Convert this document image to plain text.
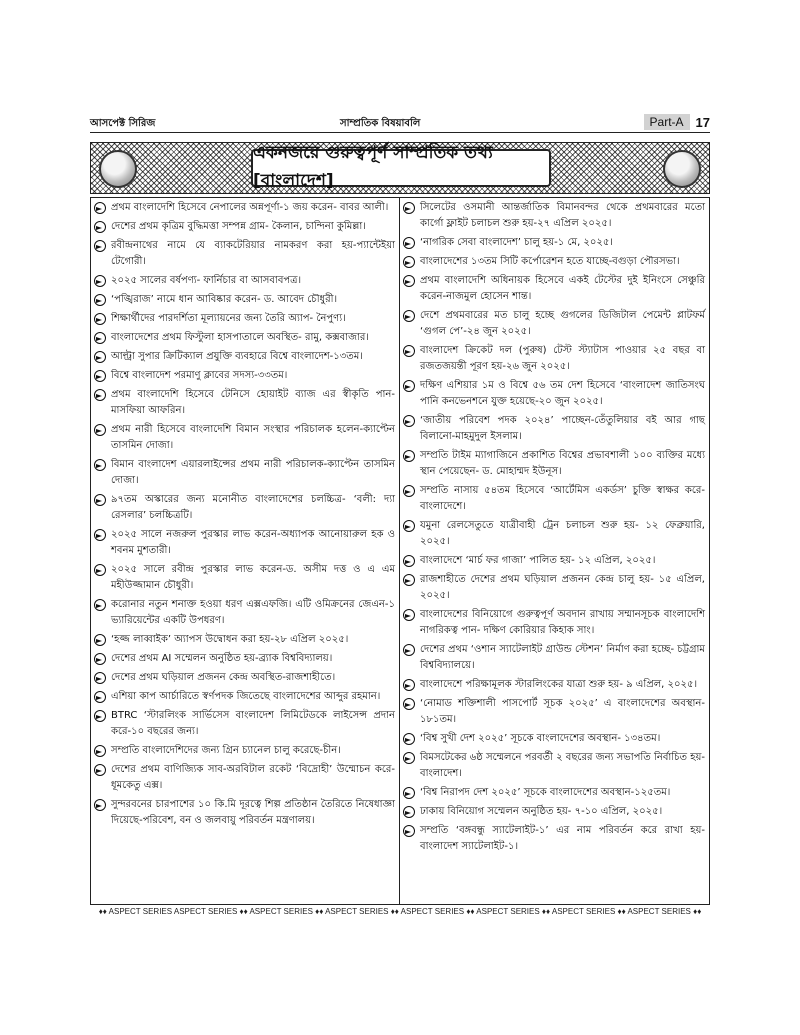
আসপেক্ট সিরিজ	সাম্প্রতিক বিষয়াবলি	Part-A 17
একনজরে গুরুত্বপূর্ণ সাম্প্রতিক তথ্য [বাংলাদেশ]
প্রথম বাংলাদেশি হিসেবে নেপালের অন্নপূর্ণা-১ জয় করেন- বাবর আলী।
দেশের প্রথম কৃত্রিম বুদ্ধিমত্তা সম্পন্ন গ্রাম- কৈলান, চান্দিনা কুমিল্লা।
রবীন্দ্রনাথের নামে যে ব্যাকটেরিয়ার নামকরণ করা হয়-প্যান্টেইয়া টেগোরী।
২০২৫ সালের বর্ষপণ্য- ফার্নিচার বা আসবাবপত্র।
‘পঙ্খিরাজ’ নামে ধান আবিষ্কার করেন- ড. আবেদ চৌধুরী।
শিক্ষার্থীদের পারদর্শিতা মূল্যায়নের জন্য তৈরি অ্যাপ- নৈপুণ্য।
বাংলাদেশের প্রথম ফিস্টুলা হাসপাতালে অবস্থিত- রামু, কক্সবাজার।
আল্ট্রা সুপার ক্রিটিক্যাল প্রযুক্তি ব্যবহারে বিশ্বে বাংলাদেশ-১৩তম।
বিশ্বে বাংলাদেশ পরমাণু ক্লাবের সদস্য-৩৩তম।
প্রথম বাংলাদেশি হিসেবে টেনিসে হোয়াইট ব্যাজ এর স্বীকৃতি পান- মাসফিয়া আফরিন।
প্রথম নারী হিসেবে বাংলাদেশি বিমান সংস্থার পরিচালক হলেন-ক্যাপ্টেন তাসমিন দোজা।
বিমান বাংলাদেশ এয়ারলাইন্সের প্রথম নারী পরিচালক-ক্যাপ্টেন তাসমিন দোজা।
৯৭তম অস্কারের জন্য মনোনীত বাংলাদেশের চলচ্চিত্র- ‘বলী: দ্যা রেসলার’ চলচ্চিত্রটি।
২০২৫ সালে নজরুল পুরস্কার লাভ করেন-অধ্যাপক আনোয়ারুল হক ও শবনম মুশতারী।
২০২৫ সালে রবীন্দ্র পুরস্কার লাভ করেন-ড. অসীম দত্ত ও এ এম মহীউজ্জামান চৌধুরী।
করোনার নতুন শনাক্ত হওয়া ধরণ এক্সএফজি। এটি ওমিক্রনের জেএন-১ ভ্যারিয়েন্টের একটি উপধরণ।
‘হজ্জ লাব্বাইক’ অ্যাপস উদ্বোধন করা হয়-২৮ এপ্রিল ২০২৫।
দেশের প্রথম AI সম্মেলন অনুষ্ঠিত হয়-ব্র্যাক বিশ্ববিদ্যালয়।
দেশের প্রথম ঘড়িয়াল প্রজনন কেন্দ্র অবস্থিত-রাজশাহীতে।
এশিয়া কাপ আর্চারিতে স্বর্ণপদক জিতেছে বাংলাদেশের আব্দুর রহমান।
BTRC ‘স্টারলিংক সার্ভিসেস বাংলাদেশ লিমিটেডকে লাইসেন্স প্রদান করে-১০ বছরের জন্য।
সম্প্রতি বাংলাদেশিদের জন্য গ্রিন চ্যানেল চালু করেছে-চীন।
দেশের প্রথম বাণিজ্যিক সাব-অরবিটাল রকেট ‘বিদ্রোহী’ উম্মোচন করে-ধূমকেতু এক্স।
সুন্দরবনের চারপাশের ১০ কি.মি দূরত্বে শিল্প প্রতিষ্ঠান তৈরিতে নিষেধাজ্ঞা দিয়েছে-পরিবেশ, বন ও জলবায়ু পরিবর্তন মন্ত্রণালয়।
সিলেটের ওসমানী আন্তর্জাতিক বিমানবন্দর থেকে প্রথমবারের মতো কার্গো ফ্লাইট চলাচল শুরু হয়-২৭ এপ্রিল ২০২৫।
‘নাগরিক সেবা বাংলাদেশ’ চালু হয়-১ মে, ২০২৫।
বাংলাদেশের ১৩তম সিটি কর্পোরেশন হতে যাচ্ছে-বগুড়া পৌরসভা।
প্রথম বাংলাদেশি অধিনায়ক হিসেবে একই টেস্টের দুই ইনিংসে সেঞ্চুরি করেন-নাজমুল হোসেন শান্ত।
দেশে প্রথমবারের মত চালু হচ্ছে গুগলের ডিজিটাল পেমেন্ট প্লাটফর্ম ‘গুগল পে’-২৪ জুন ২০২৫।
বাংলাদেশ ক্রিকেট দল (পুরুষ) টেস্ট স্ট্যাটাস পাওয়ার ২৫ বছর বা রজতজয়ন্তী পূরণ হয়-২৬ জুন ২০২৫।
দক্ষিণ এশিয়ার ১ম ও বিশ্বে ৫৬ তম দেশ হিসেবে ‘বাংলাদেশ জাতিসংঘ পানি কনভেনশনে যুক্ত হয়েছে-২০ জুন ২০২৫।
‘জাতীয় পরিবেশ পদক ২০২৪’ পাচ্ছেন-তেঁতুলিয়ার বই আর গাছ বিলানো-মাহমুদুল ইসলাম।
সম্প্রতি টাইম ম্যাগাজিনে প্রকাশিত বিশ্বের প্রভাবশালী ১০০ ব্যক্তির মধ্যে স্থান পেয়েছেন- ড. মোহাম্মদ ইউনূস।
সম্প্রতি নাসায় ৫৪তম হিসেবে ‘আর্টেমিস একর্ডস’ চুক্তি স্বাক্ষর করে- বাংলাদেশে।
যমুনা রেলসেতুতে যাত্রীবাহী ট্রেন চলাচল শুরু হয়- ১২ ফেব্রুয়ারি, ২০২৫।
বাংলাদেশে ‘মার্চ ফর গাজা’ পালিত হয়- ১২ এপ্রিল, ২০২৫।
রাজশাহীতে দেশের প্রথম ঘড়িয়াল প্রজনন কেন্দ্র চালু হয়- ১৫ এপ্রিল, ২০২৫।
বাংলাদেশের বিনিয়োগে গুরুত্বপূর্ণ অবদান রাখায় সম্মানসূচক বাংলাদেশি নাগরিকত্ব পান- দক্ষিণ কোরিয়ার কিহাক সাং।
দেশের প্রথম ‘ওশান স্যাটেলাইট গ্রাউন্ড স্টেশন’ নির্মাণ করা হচ্ছে- চট্টগ্রাম বিশ্ববিদ্যালয়ে।
বাংলাদেশে পরিক্ষামূলক স্টারলিংকের যাত্রা শুরু হয়- ৯ এপ্রিল, ২০২৫।
‘নোমাড শক্তিশালী পাসপোর্ট সূচক ২০২৫’ এ বাংলাদেশের অবস্থান- ১৮১তম।
‘বিশ্ব সুখী দেশ ২০২৫’ সূচকে বাংলাদেশের অবস্থান- ১৩৪তম।
বিমসটেকের ৬ষ্ঠ সম্মেলনে পরবর্তী ২ বছরের জন্য সভাপতি নির্বাচিত হয়- বাংলাদেশ।
‘বিশ্ব নিরাপদ দেশ ২০২৫’ সূচকে বাংলাদেশের অবস্থান-১২৫তম।
ঢাকায় বিনিয়োগ সম্মেলন অনুষ্ঠিত হয়- ৭-১০ এপ্রিল, ২০২৫।
সম্প্রতি ‘বঙ্গবন্ধু স্যাটেলাইট-১’ এর নাম পরিবর্তন করে রাখা হয়-বাংলাদেশ স্যাটেলাইট-১।
♦♦ ASPECT SERIES ASPECT SERIES ♦♦ ASPECT SERIES ♦♦ ASPECT SERIES ♦♦ ASPECT SERIES ♦♦ ASPECT SERIES ♦♦ ASPECT SERIES ♦♦ ASPECT SERIES ♦♦
